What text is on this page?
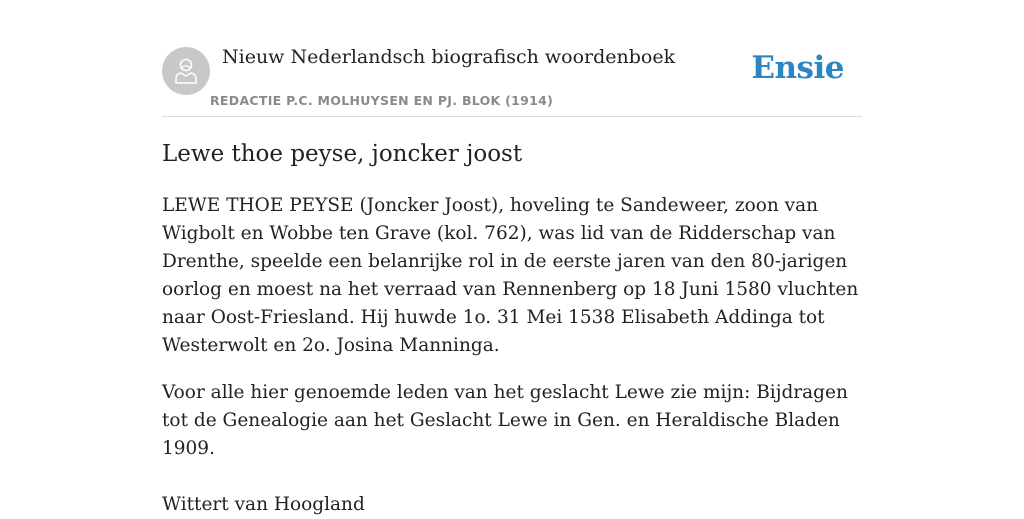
Nieuw Nederlandsch biografisch woordenboek
REDACTIE P.C. MOLHUYSEN EN PJ. BLOK (1914)
Ensie
Lewe thoe peyse, joncker joost

LEWE THOE PEYSE (Joncker Joost), hoveling te Sandeweer, zoon van Wigbolt en Wobbe ten Grave (kol. 762), was lid van de Ridderschap van Drenthe, speelde een belanrijke rol in de eerste jaren van den 80-jarigen oorlog en moest na het verraad van Rennenberg op 18 Juni 1580 vluchten naar Oost-Friesland. Hij huwde 1o. 31 Mei 1538 Elisabeth Addinga tot Westerwolt en 2o. Josina Manninga.

Voor alle hier genoemde leden van het geslacht Lewe zie mijn: Bijdragen tot de Genealogie aan het Geslacht Lewe in Gen. en Heraldische Bladen 1909.

Wittert van Hoogland
